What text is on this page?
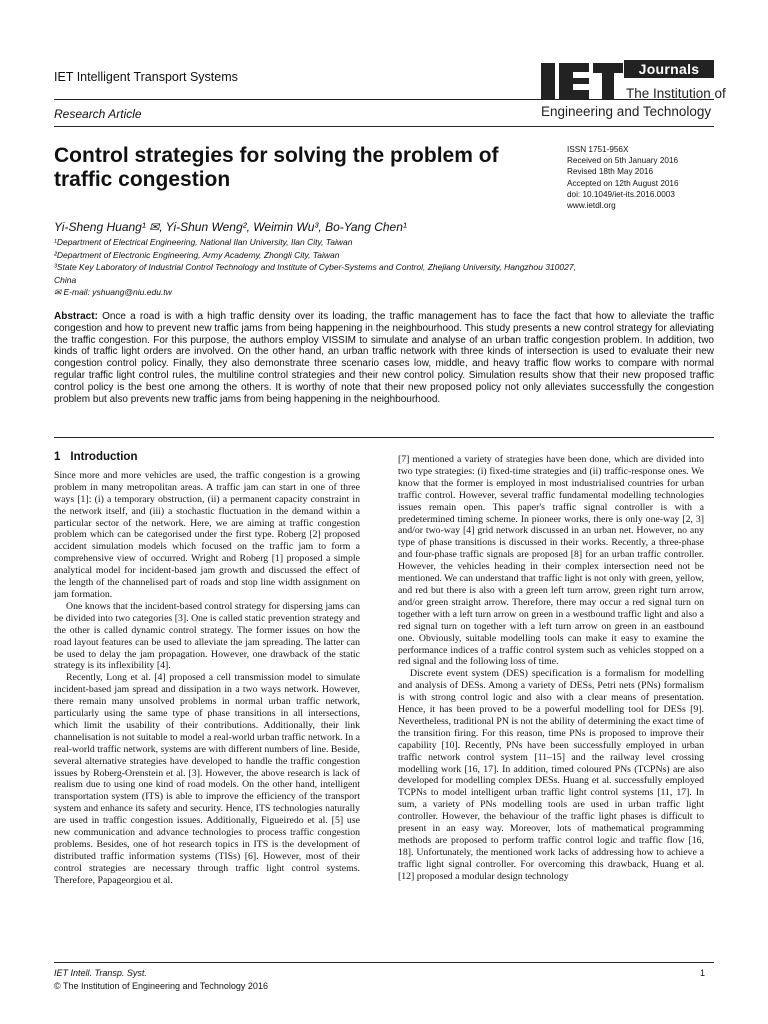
IET Intelligent Transport Systems
Research Article
Journals
The Institution of
Engineering and Technology
Control strategies for solving the problem of traffic congestion
ISSN 1751-956X
Received on 5th January 2016
Revised 18th May 2016
Accepted on 12th August 2016
doi: 10.1049/iet-its.2016.0003
www.ietdl.org
Yi-Sheng Huang¹ ✉, Yi-Shun Weng², Weimin Wu³, Bo-Yang Chen¹
¹Department of Electrical Engineering, National Ilan University, Ilan City, Taiwan
²Department of Electronic Engineering, Army Academy, Zhongli City, Taiwan
³State Key Laboratory of Industrial Control Technology and Institute of Cyber-Systems and Control, Zhejiang University, Hangzhou 310027,
China
✉ E-mail: yshuang@niu.edu.tw
Abstract: Once a road is with a high traffic density over its loading, the traffic management has to face the fact that how to alleviate the traffic congestion and how to prevent new traffic jams from being happening in the neighbourhood. This study presents a new control strategy for alleviating the traffic congestion. For this purpose, the authors employ VISSIM to simulate and analyse of an urban traffic congestion problem. In addition, two kinds of traffic light orders are involved. On the other hand, an urban traffic network with three kinds of intersection is used to evaluate their new congestion control policy. Finally, they also demonstrate three scenario cases low, middle, and heavy traffic flow works to compare with normal regular traffic light control rules, the multiline control strategies and their new control policy. Simulation results show that their new proposed traffic control policy is the best one among the others. It is worthy of note that their new proposed policy not only alleviates successfully the congestion problem but also prevents new traffic jams from being happening in the neighbourhood.
1 Introduction

Since more and more vehicles are used, the traffic congestion is a growing problem in many metropolitan areas. A traffic jam can start in one of three ways [1]: (i) a temporary obstruction, (ii) a permanent capacity constraint in the network itself, and (iii) a stochastic fluctuation in the demand within a particular sector of the network. Here, we are aiming at traffic congestion problem which can be categorised under the first type. Roberg [2] proposed accident simulation models which focused on the traffic jam to form a comprehensive view of occurred. Wright and Roberg [1] proposed a simple analytical model for incident-based jam growth and discussed the effect of the length of the channelised part of roads and stop line width assignment on jam formation.

One knows that the incident-based control strategy for dispersing jams can be divided into two categories [3]. One is called static prevention strategy and the other is called dynamic control strategy. The former issues on how the road layout features can be used to alleviate the jam spreading. The latter can be used to delay the jam propagation. However, one drawback of the static strategy is its inflexibility [4].

Recently, Long et al. [4] proposed a cell transmission model to simulate incident-based jam spread and dissipation in a two ways network. However, there remain many unsolved problems in normal urban traffic network, particularly using the same type of phase transitions in all intersections, which limit the usability of their contributions. Additionally, their link channelisation is not suitable to model a real-world urban traffic network. In a real-world traffic network, systems are with different numbers of line. Beside, several alternative strategies have developed to handle the traffic congestion issues by Roberg-Orenstein et al. [3]. However, the above research is lack of realism due to using one kind of road models. On the other hand, intelligent transportation system (ITS) is able to improve the efficiency of the transport system and enhance its safety and security. Hence, ITS technologies naturally are used in traffic congestion issues. Additionally, Figueiredo et al. [5] use new communication and advance technologies to process traffic congestion problems. Besides, one of hot research topics in ITS is the development of distributed traffic information systems (TISs) [6]. However, most of their control strategies are necessary through traffic light control systems. Therefore, Papageorgiou et al.

[7] mentioned a variety of strategies have been done, which are divided into two type strategies: (i) fixed-time strategies and (ii) traffic-response ones. We know that the former is employed in most industrialised countries for urban traffic control. However, several traffic fundamental modelling technologies issues remain open. This paper's traffic signal controller is with a predetermined timing scheme. In pioneer works, there is only one-way [2, 3] and/or two-way [4] grid network discussed in an urban net. However, no any type of phase transitions is discussed in their works. Recently, a three-phase and four-phase traffic signals are proposed [8] for an urban traffic controller. However, the vehicles heading in their complex intersection need not be mentioned. We can understand that traffic light is not only with green, yellow, and red but there is also with a green left turn arrow, green right turn arrow, and/or green straight arrow. Therefore, there may occur a red signal turn on together with a left turn arrow on green in a westbound traffic light and also a red signal turn on together with a left turn arrow on green in an eastbound one. Obviously, suitable modelling tools can make it easy to examine the performance indices of a traffic control system such as vehicles stopped on a red signal and the following loss of time.

Discrete event system (DES) specification is a formalism for modelling and analysis of DESs. Among a variety of DESs, Petri nets (PNs) formalism is with strong control logic and also with a clear means of presentation. Hence, it has been proved to be a powerful modelling tool for DESs [9]. Nevertheless, traditional PN is not the ability of determining the exact time of the transition firing. For this reason, time PNs is proposed to improve their capability [10]. Recently, PNs have been successfully employed in urban traffic network control system [11–15] and the railway level crossing modelling work [16, 17]. In addition, timed coloured PNs (TCPNs) are also developed for modelling complex DESs. Huang et al. successfully employed TCPNs to model intelligent urban traffic light control systems [11, 17]. In sum, a variety of PNs modelling tools are used in urban traffic light controller. However, the behaviour of the traffic light phases is difficult to present in an easy way. Moreover, lots of mathematical programming methods are proposed to perform traffic control logic and traffic flow [16, 18]. Unfortunately, the mentioned work lacks of addressing how to achieve a traffic light signal controller. For overcoming this drawback, Huang et al. [12] proposed a modular design technology

IET Intell. Transp. Syst.
© The Institution of Engineering and Technology 2016
1
